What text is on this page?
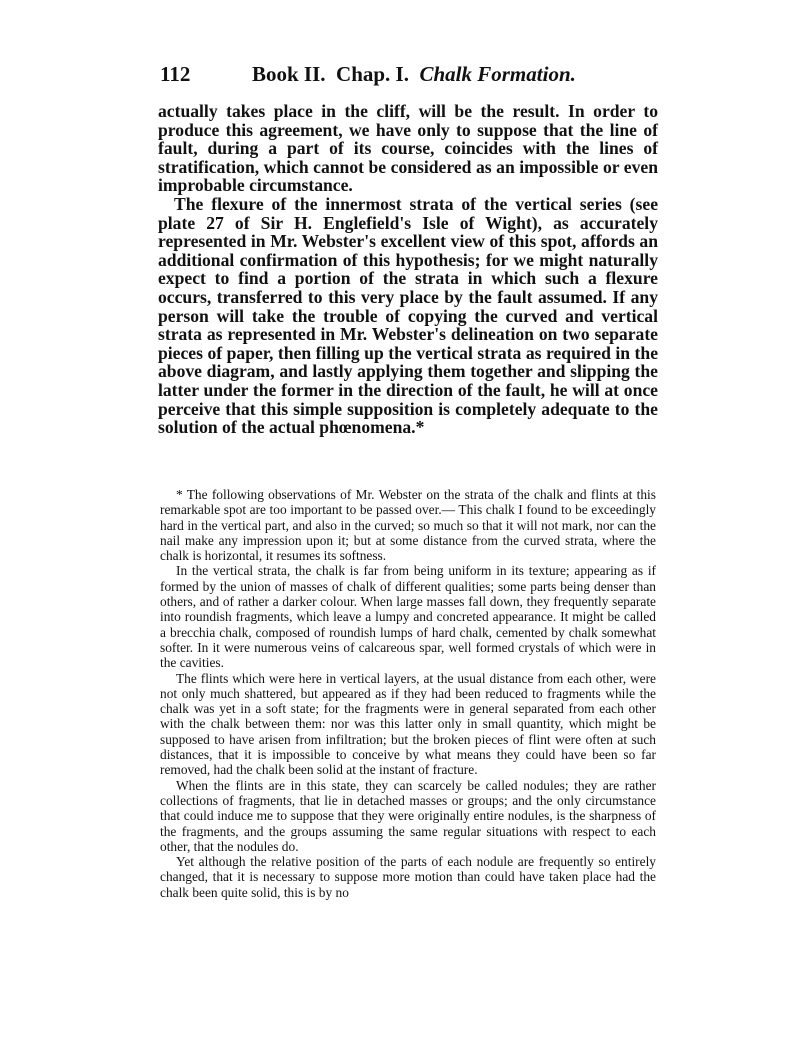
112	Book II. Chap. I. Chalk Formation.

actually takes place in the cliff, will be the result. In order to produce this agreement, we have only to suppose that the line of fault, during a part of its course, coincides with the lines of stratification, which cannot be considered as an impossible or even improbable circumstance.

The flexure of the innermost strata of the vertical series (see plate 27 of Sir H. Englefield's Isle of Wight), as accurately represented in Mr. Webster's excellent view of this spot, affords an additional confirmation of this hypothesis; for we might naturally expect to find a portion of the strata in which such a flexure occurs, transferred to this very place by the fault assumed. If any person will take the trouble of copying the curved and vertical strata as represented in Mr. Webster's delineation on two separate pieces of paper, then filling up the vertical strata as required in the above diagram, and lastly applying them together and slipping the latter under the former in the direction of the fault, he will at once perceive that this simple supposition is completely adequate to the solution of the actual phœnomena.*

* The following observations of Mr. Webster on the strata of the chalk and flints at this remarkable spot are too important to be passed over.— This chalk I found to be exceedingly hard in the vertical part, and also in the curved; so much so that it will not mark, nor can the nail make any impression upon it; but at some distance from the curved strata, where the chalk is horizontal, it resumes its softness.

In the vertical strata, the chalk is far from being uniform in its texture; appearing as if formed by the union of masses of chalk of different qualities; some parts being denser than others, and of rather a darker colour. When large masses fall down, they frequently separate into roundish fragments, which leave a lumpy and concreted appearance. It might be called a brecchia chalk, composed of roundish lumps of hard chalk, cemented by chalk somewhat softer. In it were numerous veins of calcareous spar, well formed crystals of which were in the cavities.

The flints which were here in vertical layers, at the usual distance from each other, were not only much shattered, but appeared as if they had been reduced to fragments while the chalk was yet in a soft state; for the fragments were in general separated from each other with the chalk between them: nor was this latter only in small quantity, which might be supposed to have arisen from infiltration; but the broken pieces of flint were often at such distances, that it is impossible to conceive by what means they could have been so far removed, had the chalk been solid at the instant of fracture.

When the flints are in this state, they can scarcely be called nodules; they are rather collections of fragments, that lie in detached masses or groups; and the only circumstance that could induce me to suppose that they were originally entire nodules, is the sharpness of the fragments, and the groups assuming the same regular situations with respect to each other, that the nodules do.

Yet although the relative position of the parts of each nodule are frequently so entirely changed, that it is necessary to suppose more motion than could have taken place had the chalk been quite solid, this is by no
